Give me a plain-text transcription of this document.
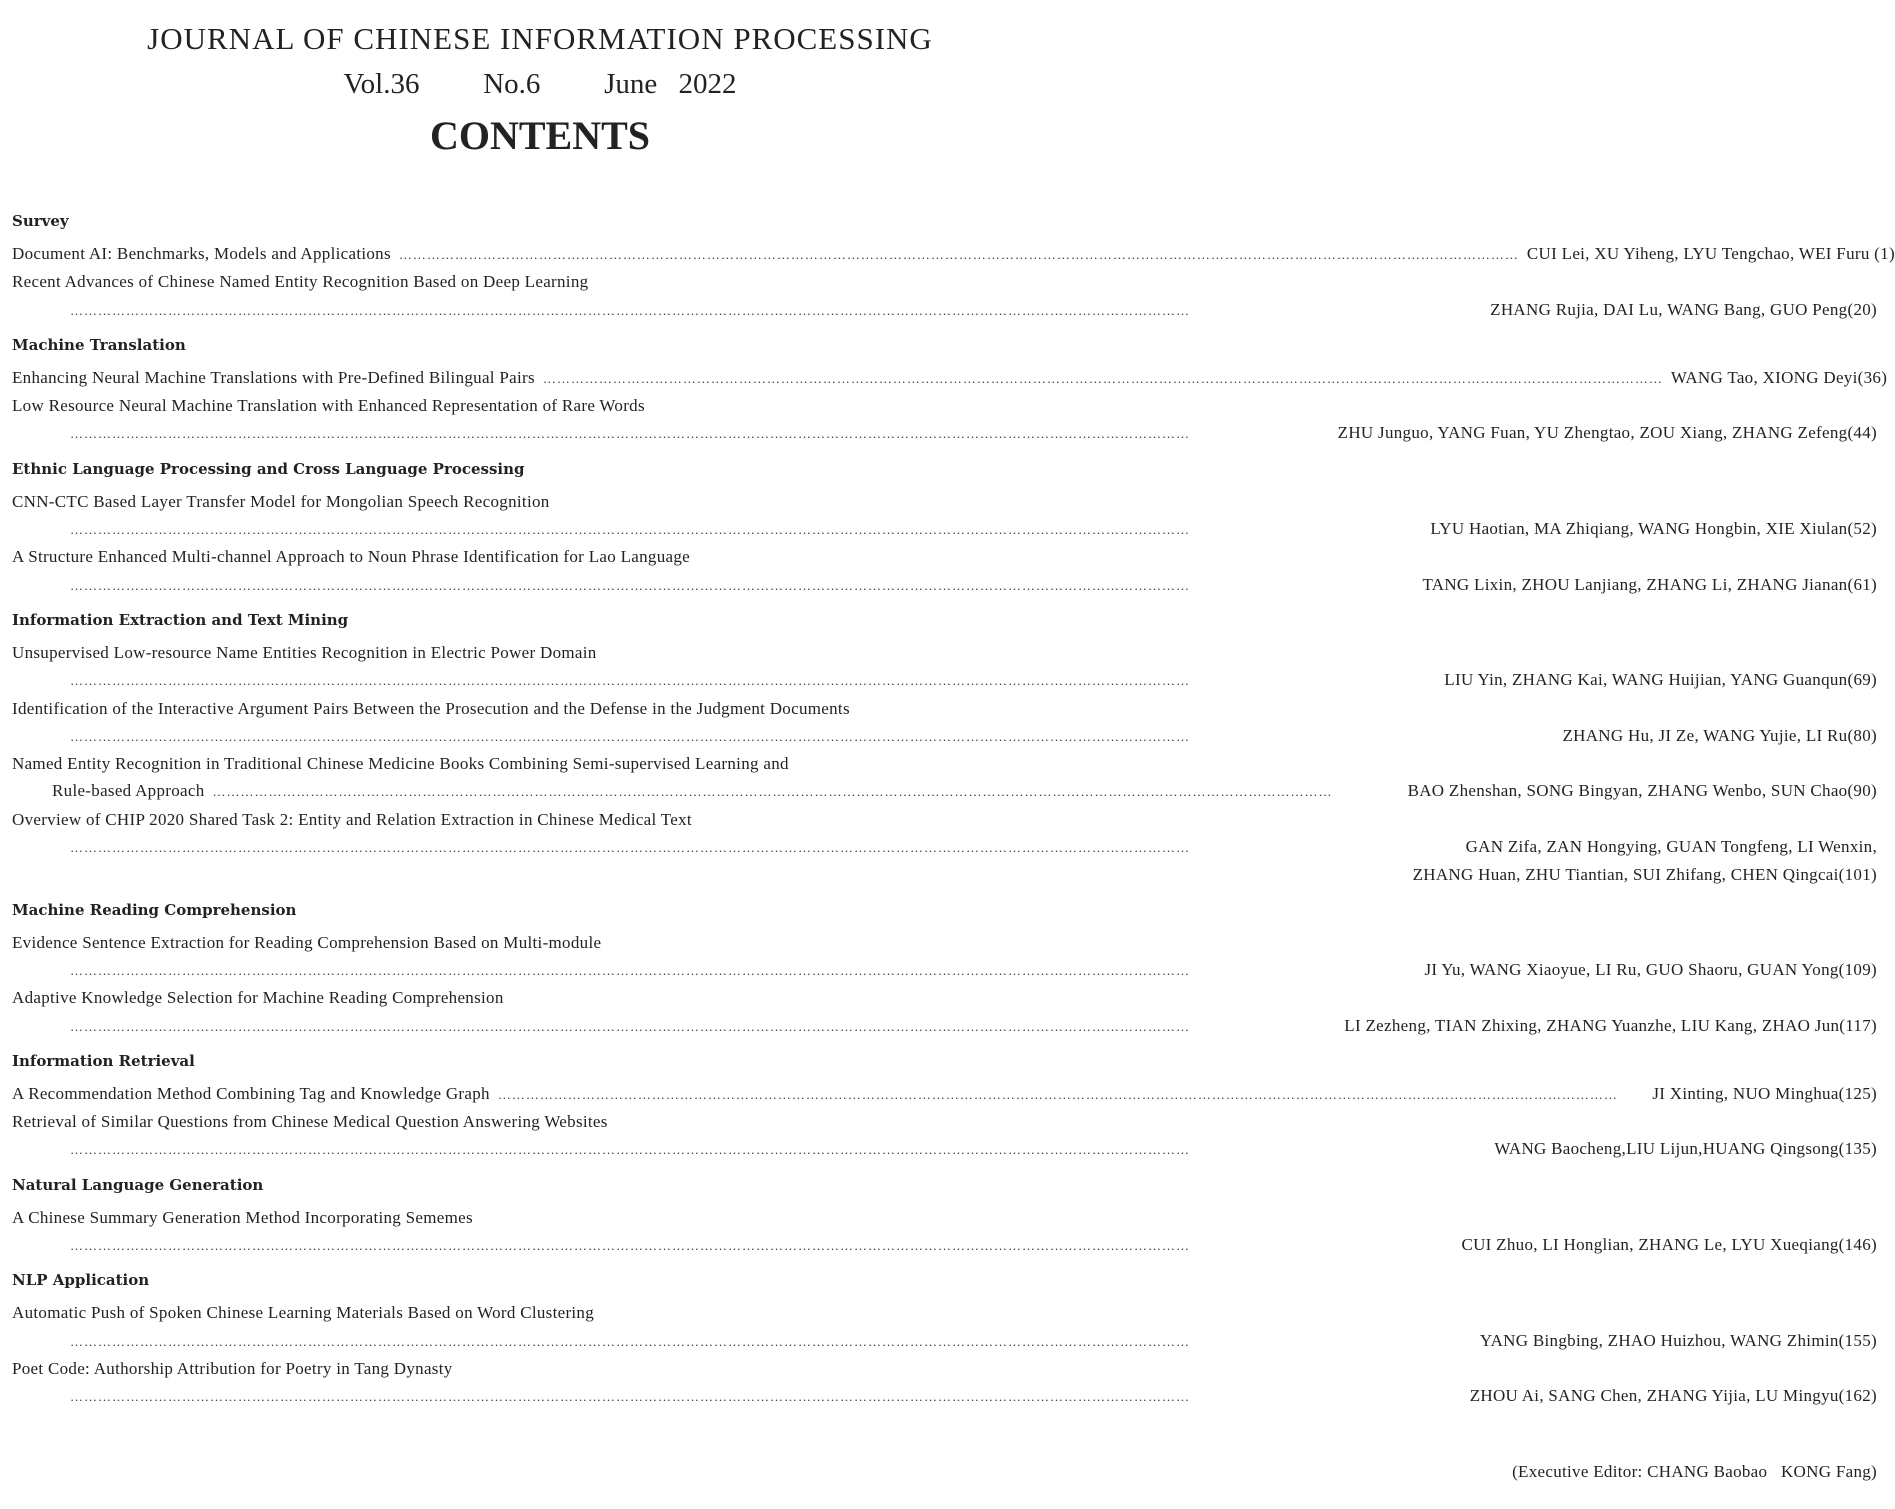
JOURNAL OF CHINESE INFORMATION PROCESSING
Vol.36   No.6   June 2022
CONTENTS
Survey
Document AI: Benchmarks, Models and Applications …………………………………………………………………………………………………………………………………………………………………………………………………………………… CUI Lei, XU Yiheng, LYU Tengchao, WEI Furu (1)
Recent Advances of Chinese Named Entity Recognition Based on Deep Learning
……………………………………………………………………………………………………………………………………………………………………………………………………………………	ZHANG Rujia, DAI Lu, WANG Bang, GUO Peng(20)
Machine Translation
Enhancing Neural Machine Translations with Pre-Defined Bilingual Pairs …………………………………………………………………………………………………………………………………………………………………………………………………………………… WANG Tao, XIONG Deyi(36)
Low Resource Neural Machine Translation with Enhanced Representation of Rare Words
……………………………………………………………………………………………………………………………………………………………………………………………………………………	ZHU Junguo, YANG Fuan, YU Zhengtao, ZOU Xiang, ZHANG Zefeng(44)
Ethnic Language Processing and Cross Language Processing
CNN-CTC Based Layer Transfer Model for Mongolian Speech Recognition
……………………………………………………………………………………………………………………………………………………………………………………………………………………	LYU Haotian, MA Zhiqiang, WANG Hongbin, XIE Xiulan(52)
A Structure Enhanced Multi-channel Approach to Noun Phrase Identification for Lao Language
……………………………………………………………………………………………………………………………………………………………………………………………………………………	TANG Lixin, ZHOU Lanjiang, ZHANG Li, ZHANG Jianan(61)
Information Extraction and Text Mining
Unsupervised Low-resource Name Entities Recognition in Electric Power Domain
……………………………………………………………………………………………………………………………………………………………………………………………………………………	LIU Yin, ZHANG Kai, WANG Huijian, YANG Guanqun(69)
Identification of the Interactive Argument Pairs Between the Prosecution and the Defense in the Judgment Documents
……………………………………………………………………………………………………………………………………………………………………………………………………………………	ZHANG Hu, JI Ze, WANG Yujie, LI Ru(80)
Named Entity Recognition in Traditional Chinese Medicine Books Combining Semi-supervised Learning and
Rule-based Approach ……………………………………………………………………………………………………………………………………………………………………………………………………………………	BAO Zhenshan, SONG Bingyan, ZHANG Wenbo, SUN Chao(90)
Overview of CHIP 2020 Shared Task 2: Entity and Relation Extraction in Chinese Medical Text
……………………………………………………………………………………………………………………………………………………………………………………………………………………	GAN Zifa, ZAN Hongying, GUAN Tongfeng, LI Wenxin,
ZHANG Huan, ZHU Tiantian, SUI Zhifang, CHEN Qingcai(101)
Machine Reading Comprehension
Evidence Sentence Extraction for Reading Comprehension Based on Multi-module
……………………………………………………………………………………………………………………………………………………………………………………………………………………	JI Yu, WANG Xiaoyue, LI Ru, GUO Shaoru, GUAN Yong(109)
Adaptive Knowledge Selection for Machine Reading Comprehension
……………………………………………………………………………………………………………………………………………………………………………………………………………………	LI Zezheng, TIAN Zhixing, ZHANG Yuanzhe, LIU Kang, ZHAO Jun(117)
Information Retrieval
A Recommendation Method Combining Tag and Knowledge Graph ……………………………………………………………………………………………………………………………………………………………………………………………………………………	JI Xinting, NUO Minghua(125)
Retrieval of Similar Questions from Chinese Medical Question Answering Websites
……………………………………………………………………………………………………………………………………………………………………………………………………………………	WANG Baocheng,LIU Lijun,HUANG Qingsong(135)
Natural Language Generation
A Chinese Summary Generation Method Incorporating Sememes
……………………………………………………………………………………………………………………………………………………………………………………………………………………	CUI Zhuo, LI Honglian, ZHANG Le, LYU Xueqiang(146)
NLP Application
Automatic Push of Spoken Chinese Learning Materials Based on Word Clustering
……………………………………………………………………………………………………………………………………………………………………………………………………………………	YANG Bingbing, ZHAO Huizhou, WANG Zhimin(155)
Poet Code: Authorship Attribution for Poetry in Tang Dynasty
……………………………………………………………………………………………………………………………………………………………………………………………………………………	ZHOU Ai, SANG Chen, ZHANG Yijia, LU Mingyu(162)
(Executive Editor: CHANG Baobao   KONG Fang)
